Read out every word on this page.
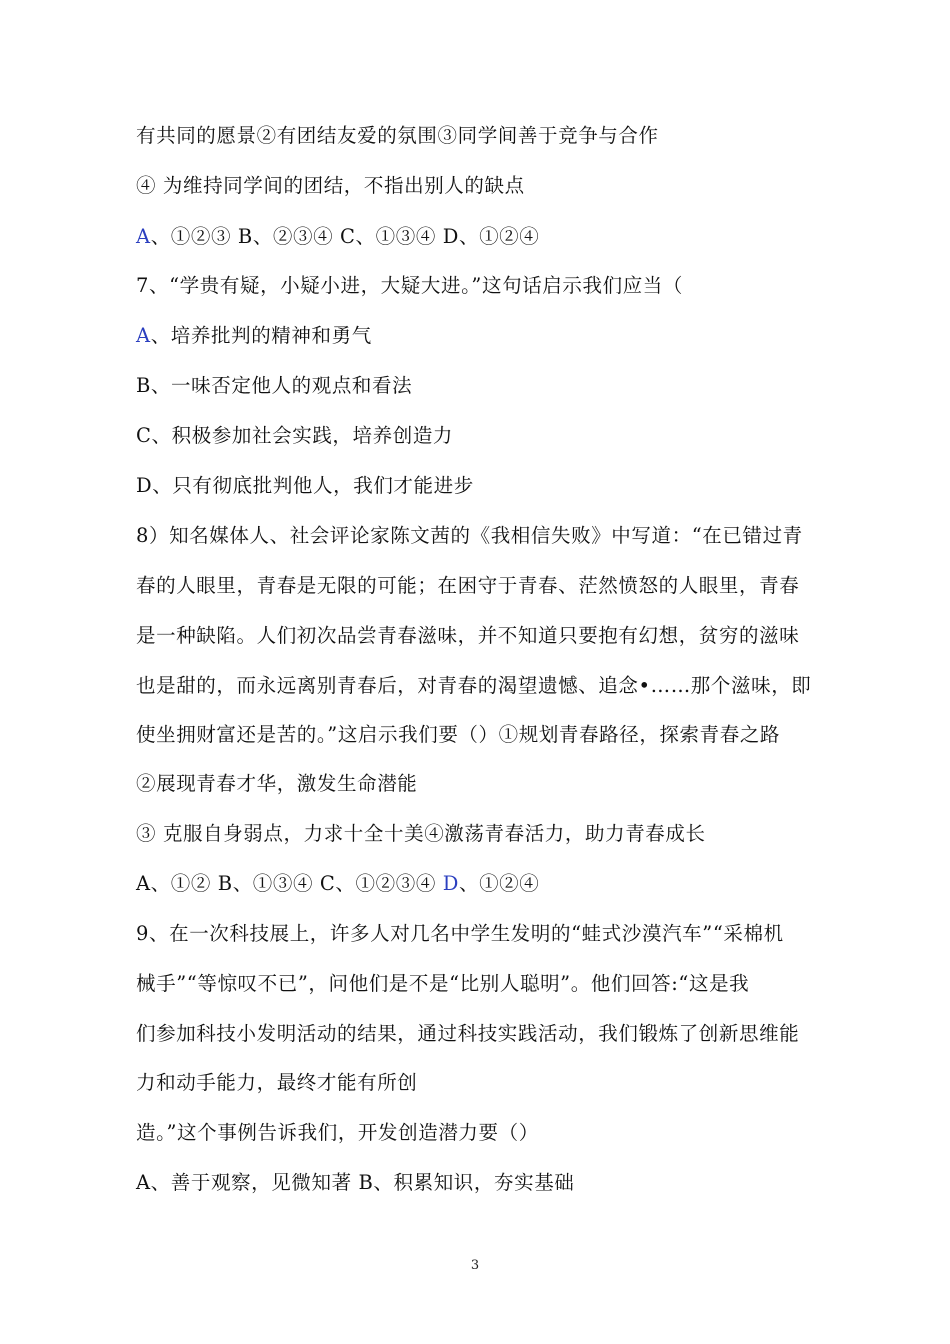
有共同的愿景②有团结友爱的氛围③同学间善于竞争与合作
④ 为维持同学间的团结，不指出别人的缺点
A、①②③ B、②③④ C、①③④ D、①②④
7、“学贵有疑，小疑小进，大疑大进。”这句话启示我们应当（
A、培养批判的精神和勇气
B、一味否定他人的观点和看法
C、积极参加社会实践，培养创造力
D、只有彻底批判他人，我们才能进步
8）知名媒体人、社会评论家陈文茜的《我相信失败》中写道：“在已错过青
春的人眼里，青春是无限的可能；在困守于青春、茫然愤怒的人眼里，青春
是一种缺陷。人们初次品尝青春滋味，并不知道只要抱有幻想，贫穷的滋味
也是甜的，而永远离别青春后，对青春的渴望遗憾、追念•……那个滋味，即
使坐拥财富还是苦的。”这启示我们要（）①规划青春路径，探索青春之路
②展现青春才华，激发生命潜能
③ 克服自身弱点，力求十全十美④激荡青春活力，助力青春成长
A、①② B、①③④ C、①②③④ D、①②④
9、在一次科技展上，许多人对几名中学生发明的“蛙式沙漠汽车”“采棉机
械手”“等惊叹不已”，问他们是不是“比别人聪明”。他们回答:“这是我
们参加科技小发明活动的结果，通过科技实践活动，我们锻炼了创新思维能
力和动手能力，最终才能有所创
造。”这个事例告诉我们，开发创造潜力要（）
A、善于观察，见微知著 B、积累知识，夯实基础
3
